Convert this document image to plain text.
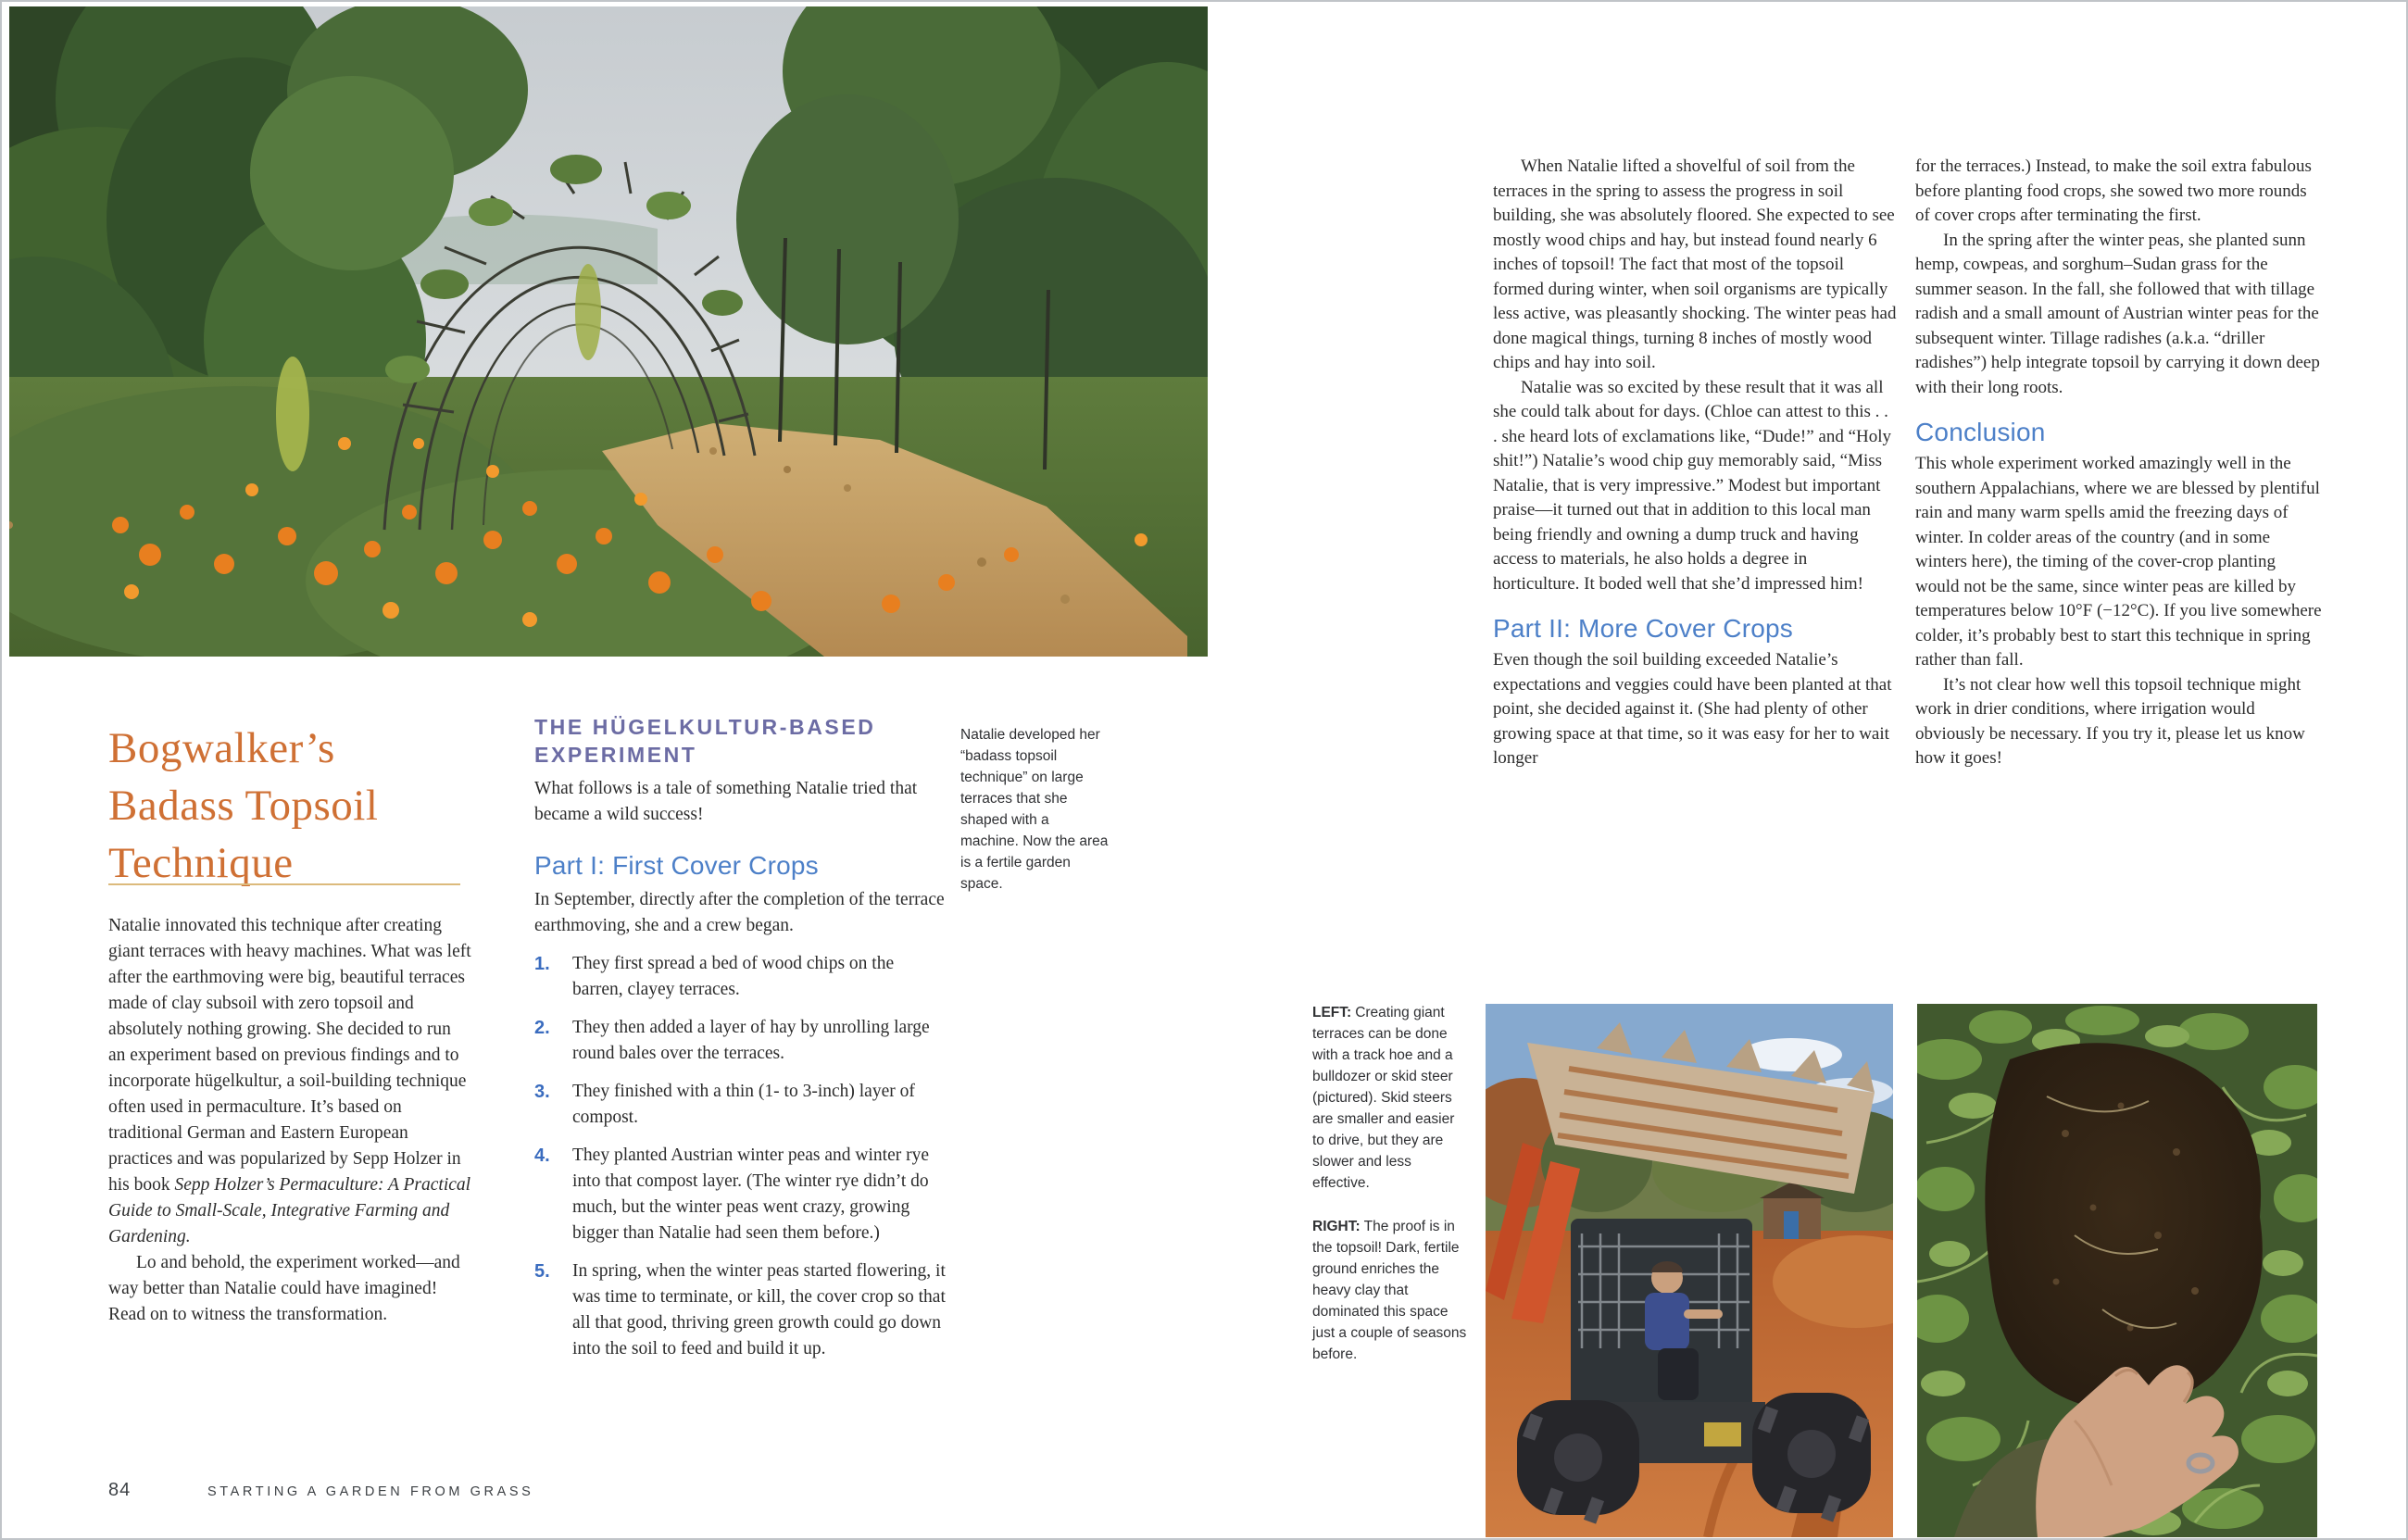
Bogwalker’s
Badass Topsoil
Technique

Natalie innovated this technique after creating giant terraces with heavy machines. What was left after the earthmoving were big, beautiful terraces made of clay subsoil with zero topsoil and absolutely nothing growing. She decided to run an experiment based on previous findings and to incorporate hügelkultur, a soil-building technique often used in permaculture. It’s based on traditional German and Eastern European practices and was popularized by Sepp Holzer in his book Sepp Holzer’s Permaculture: A Practical Guide to Small-Scale, Integrative Farming and Gardening.

Lo and behold, the experiment worked—and way better than Natalie could have imagined! Read on to witness the transformation.

THE HÜGELKULTUR-BASED EXPERIMENT

What follows is a tale of something Natalie tried that became a wild success!

Part I: First Cover Crops

In September, directly after the completion of the terrace earthmoving, she and a crew began.

1. They first spread a bed of wood chips on the barren, clayey terraces.
2. They then added a layer of hay by unrolling large round bales over the terraces.
3. They finished with a thin (1- to 3-inch) layer of compost.
4. They planted Austrian winter peas and winter rye into that compost layer. (The winter rye didn’t do much, but the winter peas went crazy, growing bigger than Natalie had seen them before.)
5. In spring, when the winter peas started flowering, it was time to terminate, or kill, the cover crop so that all that good, thriving green growth could go down into the soil to feed and build it up.
Natalie developed her “badass topsoil technique” on large terraces that she shaped with a machine. Now the area is a fertile garden space.
84	STARTING A GARDEN FROM GRASS

When Natalie lifted a shovelful of soil from the terraces in the spring to assess the progress in soil building, she was absolutely floored. She expected to see mostly wood chips and hay, but instead found nearly 6 inches of topsoil! The fact that most of the topsoil formed during winter, when soil organisms are typically less active, was pleasantly shocking. The winter peas had done magical things, turning 8 inches of mostly wood chips and hay into soil.

Natalie was so excited by these result that it was all she could talk about for days. (Chloe can attest to this . . . she heard lots of exclamations like, “Dude!” and “Holy shit!”) Natalie’s wood chip guy memorably said, “Miss Natalie, that is very impressive.” Modest but important praise—it turned out that in addition to this local man being friendly and owning a dump truck and having access to materials, he also holds a degree in horticulture. It boded well that she’d impressed him!

Part II: More Cover Crops

Even though the soil building exceeded Natalie’s expectations and veggies could have been planted at that point, she decided against it. (She had plenty of other growing space at that time, so it was easy for her to wait longer

for the terraces.) Instead, to make the soil extra fabulous before planting food crops, she sowed two more rounds of cover crops after terminating the first.

In the spring after the winter peas, she planted sunn hemp, cowpeas, and sorghum–Sudan grass for the summer season. In the fall, she followed that with tillage radish and a small amount of Austrian winter peas for the subsequent winter. Tillage radishes (a.k.a. “driller radishes”) help integrate topsoil by carrying it down deep with their long roots.

Conclusion

This whole experiment worked amazingly well in the southern Appalachians, where we are blessed by plentiful rain and many warm spells amid the freezing days of winter. In colder areas of the country (and in some winters here), the timing of the cover-crop planting would not be the same, since winter peas are killed by temperatures below 10°F (−12°C). If you live somewhere colder, it’s probably best to start this technique in spring rather than fall.

It’s not clear how well this topsoil technique might work in drier conditions, where irrigation would obviously be necessary. If you try it, please let us know how it goes!

LEFT: Creating giant terraces can be done with a track hoe and a bulldozer or skid steer (pictured). Skid steers are smaller and easier to drive, but they are slower and less effective.

RIGHT: The proof is in the topsoil! Dark, fertile ground enriches the heavy clay that dominated this space just a couple of seasons before.
